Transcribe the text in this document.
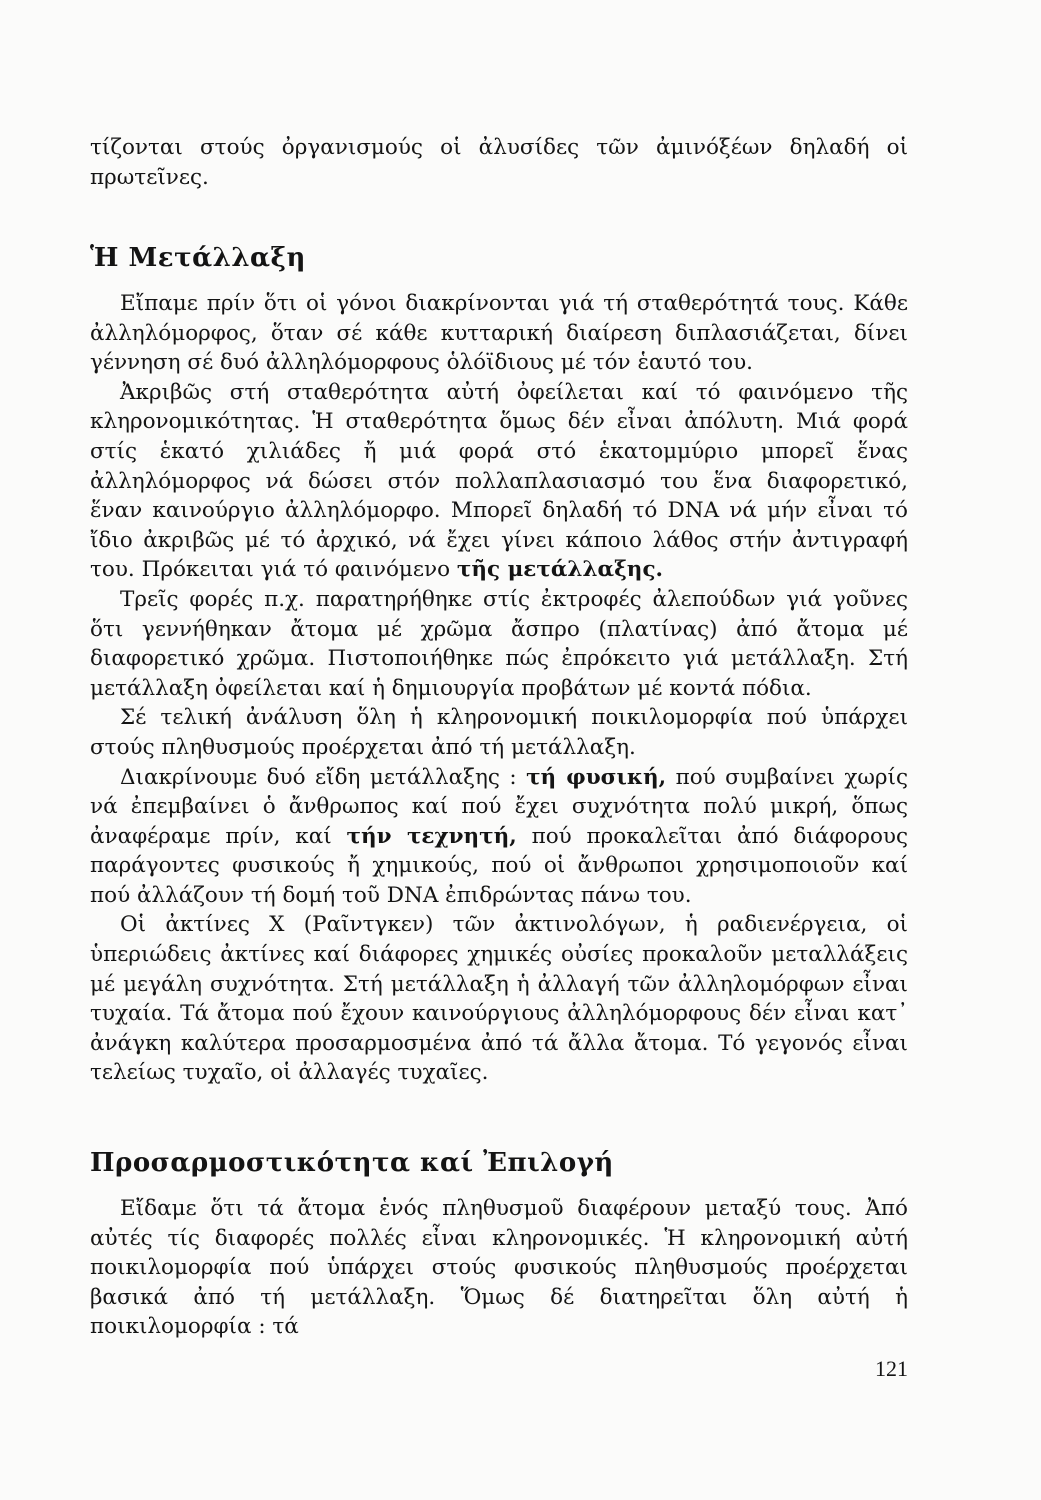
τίζονται στούς ὀργανισμούς οἱ ἀλυσίδες τῶν ἀμινόξέων δηλαδή οἱ πρωτεῖνες.

Ἡ Μετάλλαξη

Εἴπαμε πρίν ὅτι οἱ γόνοι διακρίνονται γιά τή σταθερότητά τους. Κάθε ἀλληλόμορφος, ὅταν σέ κάθε κυτταρική διαίρεση διπλασιάζεται, δίνει γέννηση σέ δυό ἀλληλόμορφους ὁλόϊδιους μέ τόν ἑαυτό του.

Ἀκριβῶς στή σταθερότητα αὐτή ὀφείλεται καί τό φαινόμενο τῆς κληρονομικότητας. Ἡ σταθερότητα ὅμως δέν εἶναι ἀπόλυτη. Μιά φορά στίς ἑκατό χιλιάδες ἤ μιά φορά στό ἑκατομμύριο μπορεῖ ἕνας ἀλληλόμορφος νά δώσει στόν πολλαπλασιασμό του ἕνα διαφορετικό, ἕναν καινούργιο ἀλληλόμορφο. Μπορεῖ δηλαδή τό DNA νά μήν εἶναι τό ἴδιο ἀκριβῶς μέ τό ἀρχικό, νά ἔχει γίνει κάποιο λάθος στήν ἀντιγραφή του. Πρόκειται γιά τό φαινόμενο τῆς μετάλλαξης.

Τρεῖς φορές π.χ. παρατηρήθηκε στίς ἐκτροφές ἀλεπούδων γιά γοῦνες ὅτι γεννήθηκαν ἄτομα μέ χρῶμα ἄσπρο (πλατίνας) ἀπό ἄτομα μέ διαφορετικό χρῶμα. Πιστοποιήθηκε πώς ἐπρόκειτο γιά μετάλλαξη. Στή μετάλλαξη ὀφείλεται καί ἡ δημιουργία προβάτων μέ κοντά πόδια.

Σέ τελική ἀνάλυση ὅλη ἡ κληρονομική ποικιλομορφία πού ὑπάρχει στούς πληθυσμούς προέρχεται ἀπό τή μετάλλαξη.

Διακρίνουμε δυό εἴδη μετάλλαξης : τή φυσική, πού συμβαίνει χωρίς νά ἐπεμβαίνει ὁ ἄνθρωπος καί πού ἔχει συχνότητα πολύ μικρή, ὅπως ἀναφέραμε πρίν, καί τήν τεχνητή, πού προκαλεῖται ἀπό διάφορους παράγοντες φυσικούς ἤ χημικούς, πού οἱ ἄνθρωποι χρησιμοποιοῦν καί πού ἀλλάζουν τή δομή τοῦ DNA ἐπιδρώντας πάνω του.

Οἱ ἀκτίνες Χ (Ραῖντγκεν) τῶν ἀκτινολόγων, ἡ ραδιενέργεια, οἱ ὑπεριώδεις ἀκτίνες καί διάφορες χημικές οὐσίες προκαλοῦν μεταλλάξεις μέ μεγάλη συχνότητα. Στή μετάλλαξη ἡ ἀλλαγή τῶν ἀλληλομόρφων εἶναι τυχαία. Τά ἄτομα πού ἔχουν καινούργιους ἀλληλόμορφους δέν εἶναι κατ᾽ ἀνάγκη καλύτερα προσαρμοσμένα ἀπό τά ἄλλα ἄτομα. Τό γεγονός εἶναι τελείως τυχαῖο, οἱ ἀλλαγές τυχαῖες.

Προσαρμοστικότητα καί Ἐπιλογή

Εἴδαμε ὅτι τά ἄτομα ἑνός πληθυσμοῦ διαφέρουν μεταξύ τους. Ἀπό αὐτές τίς διαφορές πολλές εἶναι κληρονομικές. Ἡ κληρονομική αὐτή ποικιλομορφία πού ὑπάρχει στούς φυσικούς πληθυσμούς προέρχεται βασικά ἀπό τή μετάλλαξη. Ὅμως δέ διατηρεῖται ὅλη αὐτή ἡ ποικιλομορφία : τά

121
